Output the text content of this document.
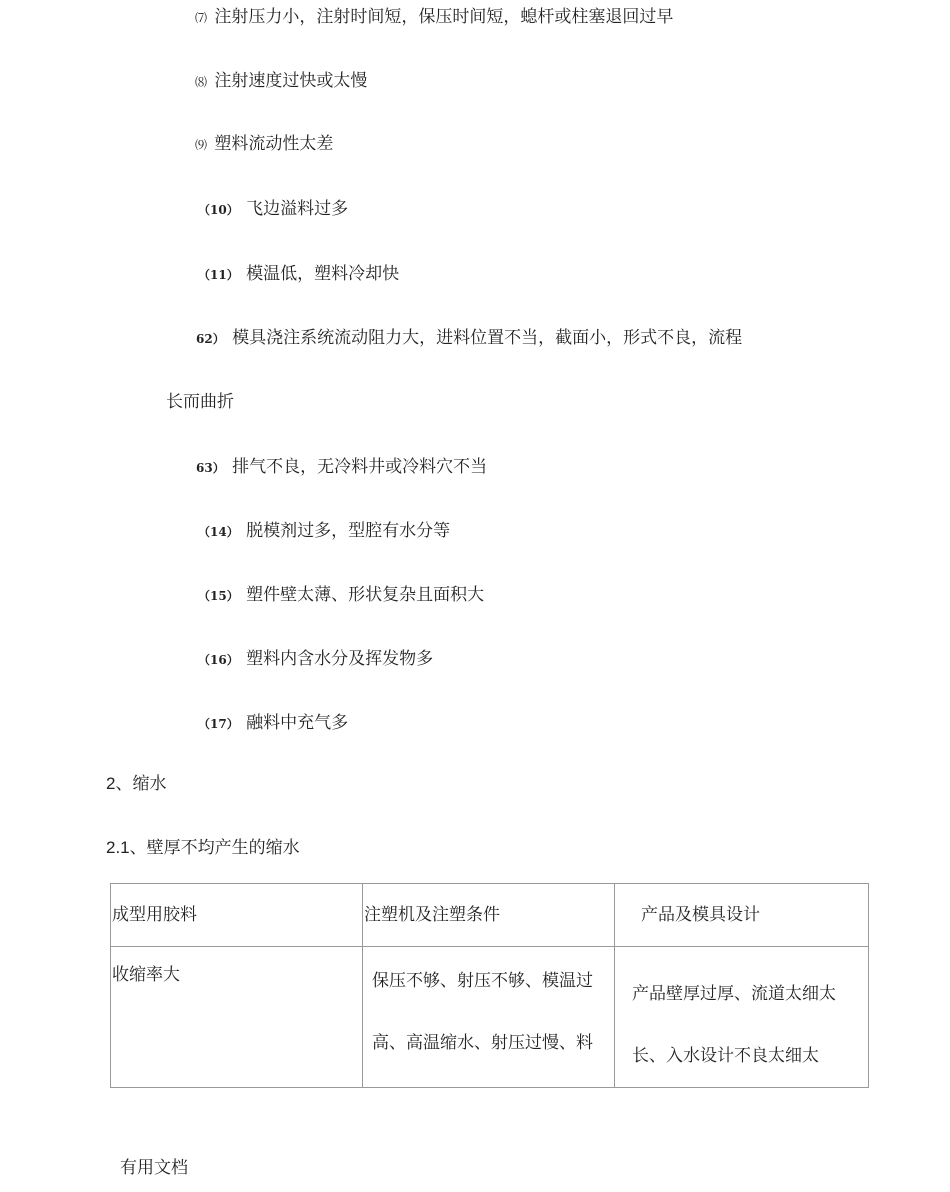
⑺ 注射压力小，注射时间短，保压时间短，螅杆或柱塞退回过早
⑻ 注射速度过快或太慢
⑼ 塑料流动性太差
（10） 飞边溢料过多
（11） 模温低，塑料冷却快
62） 模具浇注系统流动阻力大，进料位置不当，截面小，形式不良，流程
长而曲折
63） 排气不良，无冷料井或冷料穴不当
（14） 脱模剂过多，型腔有水分等
（15） 塑件壁太薄、形状复杂且面积大
（16） 塑料内含水分及挥发物多
（17） 融料中充气多
2、缩水
2.1、壁厚不均产生的缩水
成型用胶料	注塑机及注塑条件	产品及模具设计

收缩率大	保压不够、射压不够、模温过高、高温缩水、射压过慢、料	产品壁厚过厚、流道太细太长、入水设计不良太细太
有用文档
